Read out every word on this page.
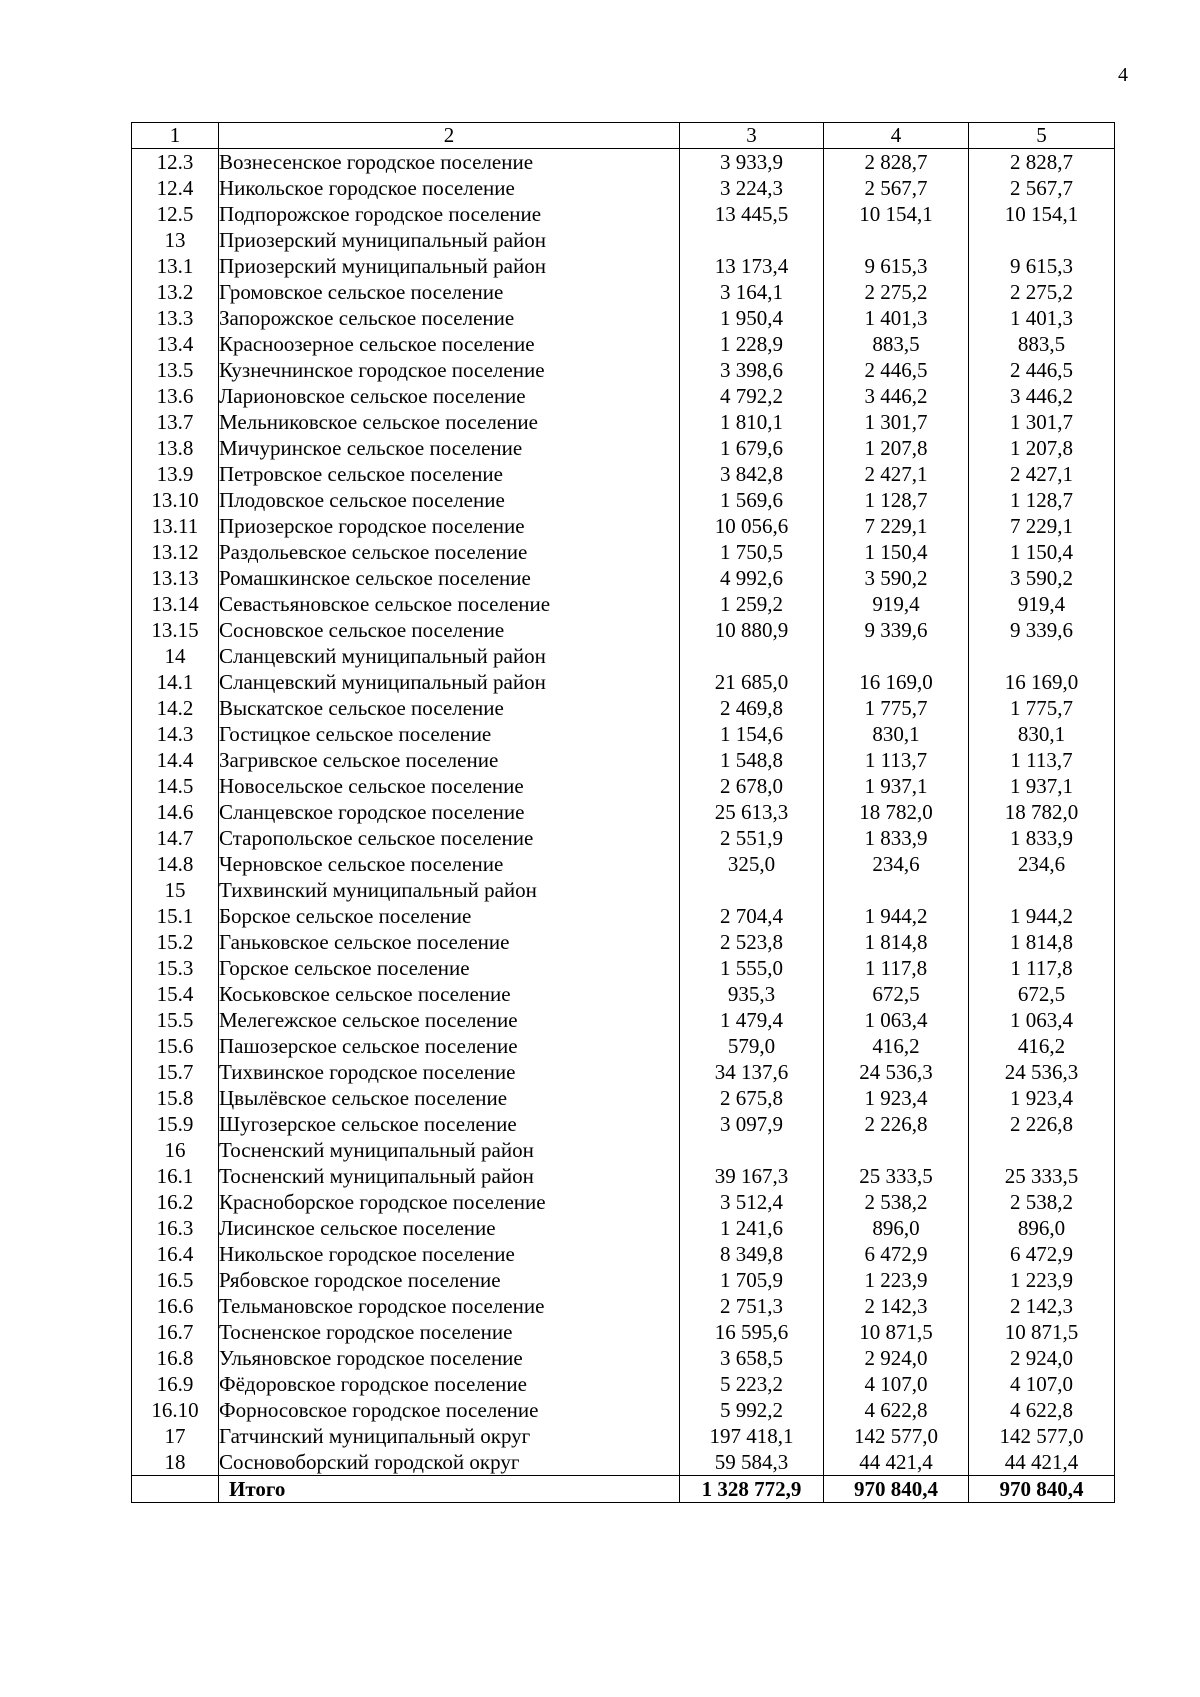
4
1	2	3	4	5
12.3	Вознесенское городское поселение	3 933,9	2 828,7	2 828,7
12.4	Никольское городское поселение	3 224,3	2 567,7	2 567,7
12.5	Подпорожское городское поселение	13 445,5	10 154,1	10 154,1
13	Приозерский муниципальный район			
13.1	Приозерский муниципальный район	13 173,4	9 615,3	9 615,3
13.2	Громовское сельское поселение	3 164,1	2 275,2	2 275,2
13.3	Запорожское сельское поселение	1 950,4	1 401,3	1 401,3
13.4	Красноозерное сельское поселение	1 228,9	883,5	883,5
13.5	Кузнечнинское городское поселение	3 398,6	2 446,5	2 446,5
13.6	Ларионовское сельское поселение	4 792,2	3 446,2	3 446,2
13.7	Мельниковское сельское поселение	1 810,1	1 301,7	1 301,7
13.8	Мичуринское сельское поселение	1 679,6	1 207,8	1 207,8
13.9	Петровское сельское поселение	3 842,8	2 427,1	2 427,1
13.10	Плодовское сельское поселение	1 569,6	1 128,7	1 128,7
13.11	Приозерское городское поселение	10 056,6	7 229,1	7 229,1
13.12	Раздольевское сельское поселение	1 750,5	1 150,4	1 150,4
13.13	Ромашкинское сельское поселение	4 992,6	3 590,2	3 590,2
13.14	Севастьяновское сельское поселение	1 259,2	919,4	919,4
13.15	Сосновское сельское поселение	10 880,9	9 339,6	9 339,6
14	Сланцевский муниципальный район			
14.1	Сланцевский муниципальный район	21 685,0	16 169,0	16 169,0
14.2	Выскатское сельское поселение	2 469,8	1 775,7	1 775,7
14.3	Гостицкое сельское поселение	1 154,6	830,1	830,1
14.4	Загривское сельское поселение	1 548,8	1 113,7	1 113,7
14.5	Новосельское сельское поселение	2 678,0	1 937,1	1 937,1
14.6	Сланцевское городское поселение	25 613,3	18 782,0	18 782,0
14.7	Старопольское сельское поселение	2 551,9	1 833,9	1 833,9
14.8	Черновское сельское поселение	325,0	234,6	234,6
15	Тихвинский муниципальный район			
15.1	Борское сельское поселение	2 704,4	1 944,2	1 944,2
15.2	Ганьковское сельское поселение	2 523,8	1 814,8	1 814,8
15.3	Горское сельское поселение	1 555,0	1 117,8	1 117,8
15.4	Коськовское сельское поселение	935,3	672,5	672,5
15.5	Мелегежское сельское поселение	1 479,4	1 063,4	1 063,4
15.6	Пашозерское сельское поселение	579,0	416,2	416,2
15.7	Тихвинское городское поселение	34 137,6	24 536,3	24 536,3
15.8	Цвылёвское сельское поселение	2 675,8	1 923,4	1 923,4
15.9	Шугозерское сельское поселение	3 097,9	2 226,8	2 226,8
16	Тосненский муниципальный район			
16.1	Тосненский муниципальный район	39 167,3	25 333,5	25 333,5
16.2	Красноборское городское поселение	3 512,4	2 538,2	2 538,2
16.3	Лисинское сельское поселение	1 241,6	896,0	896,0
16.4	Никольское городское поселение	8 349,8	6 472,9	6 472,9
16.5	Рябовское городское поселение	1 705,9	1 223,9	1 223,9
16.6	Тельмановское городское поселение	2 751,3	2 142,3	2 142,3
16.7	Тосненское городское поселение	16 595,6	10 871,5	10 871,5
16.8	Ульяновское городское поселение	3 658,5	2 924,0	2 924,0
16.9	Фёдоровское городское поселение	5 223,2	4 107,0	4 107,0
16.10	Форносовское городское поселение	5 992,2	4 622,8	4 622,8
17	Гатчинский муниципальный округ	197 418,1	142 577,0	142 577,0
18	Сосновоборский городской округ	59 584,3	44 421,4	44 421,4
	Итого	1 328 772,9	970 840,4	970 840,4
